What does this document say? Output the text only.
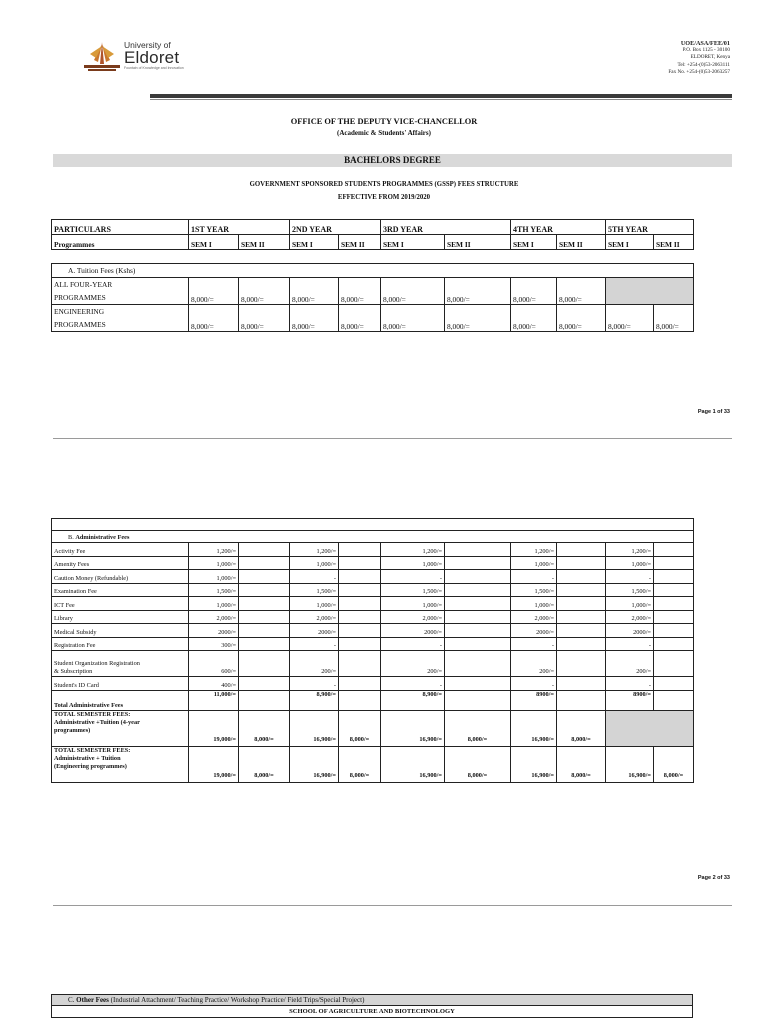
University of
Eldoret
Fountain of Knowledge and Innovation
UOE/ASA/FEE/01
P.O. Box 1125 - 30100
ELDORET, Kenya
Tel: +254-(0)53-2063111
Fax No. +254-(0)53-2063257
OFFICE OF THE DEPUTY VICE-CHANCELLOR
(Academic & Students' Affairs)
BACHELORS DEGREE
GOVERNMENT SPONSORED STUDENTS PROGRAMMES (GSSP) FEES STRUCTURE
EFFECTIVE FROM 2019/2020
PARTICULARS	1ST YEAR		2ND YEAR		3RD YEAR		4TH YEAR		5TH YEAR	
Programmes	SEM I	SEM II	SEM I	SEM II	SEM I	SEM II	SEM I	SEM II	SEM I	SEM II
A. Tuition Fees (Kshs)										

ALL FOUR-YEAR
PROGRAMMES	8,000/=	8,000/=	8,000/=	8,000/=	8,000/=	8,000/=	8,000/=	8,000/=		

ENGINEERING
PROGRAMMES	8,000/=	8,000/=	8,000/=	8,000/=	8,000/=	8,000/=	8,000/=	8,000/=	8,000/=	8,000/=
Page 1 of 33

B. Administrative Fees										
Activity Fee	1,200/=		1,200/=		1,200/=		1,200/=		1,200/=	
Amenity Fees	1,000/=		1,000/=		1,000/=		1,000/=		1,000/=	
Caution Money (Refundable)	1,000/=		-		-		-		-	
Examination Fee	1,500/=		1,500/=		1,500/=		1,500/=		1,500/=	
ICT Fee	1,000/=		1,000/=		1,000/=		1,000/=		1,000/=	
Library	2,000/=		2,000/=		2,000/=		2,000/=		2,000/=	
Medical Subsidy	2000/=		2000/=		2000/=		2000/=		2000/=	
Registration Fee	300/=		-		-		-		-	

Student Organization Registration
& Subscription	600/=		200/=		200/=		200/=		200/=	
Student's ID Card	400/=		-		-		-		-	
Total Administrative Fees	11,000/=		8,900/=		8,900/=		8900/=		8900/=	

TOTAL SEMESTER FEES:
Administrative +Tuition (4-year
programmes)	19,000/=	8,000/=	16,900/=	8,000/=	16,900/=	8,000/=	16,900/=	8,000/=		

TOTAL SEMESTER FEES:
Administrative + Tuition
(Engineering programmes)	19,000/=	8,000/=	16,900/=	8,000/=	16,900/=	8,000/=	16,900/=	8,000/=	16,900/=	8,000/=
Page 2 of 33
C. Other Fees (Industrial Attachment/ Teaching Practice/ Workshop Practice/ Field Trips/Special Project)
SCHOOL OF AGRICULTURE AND BIOTECHNOLOGY
